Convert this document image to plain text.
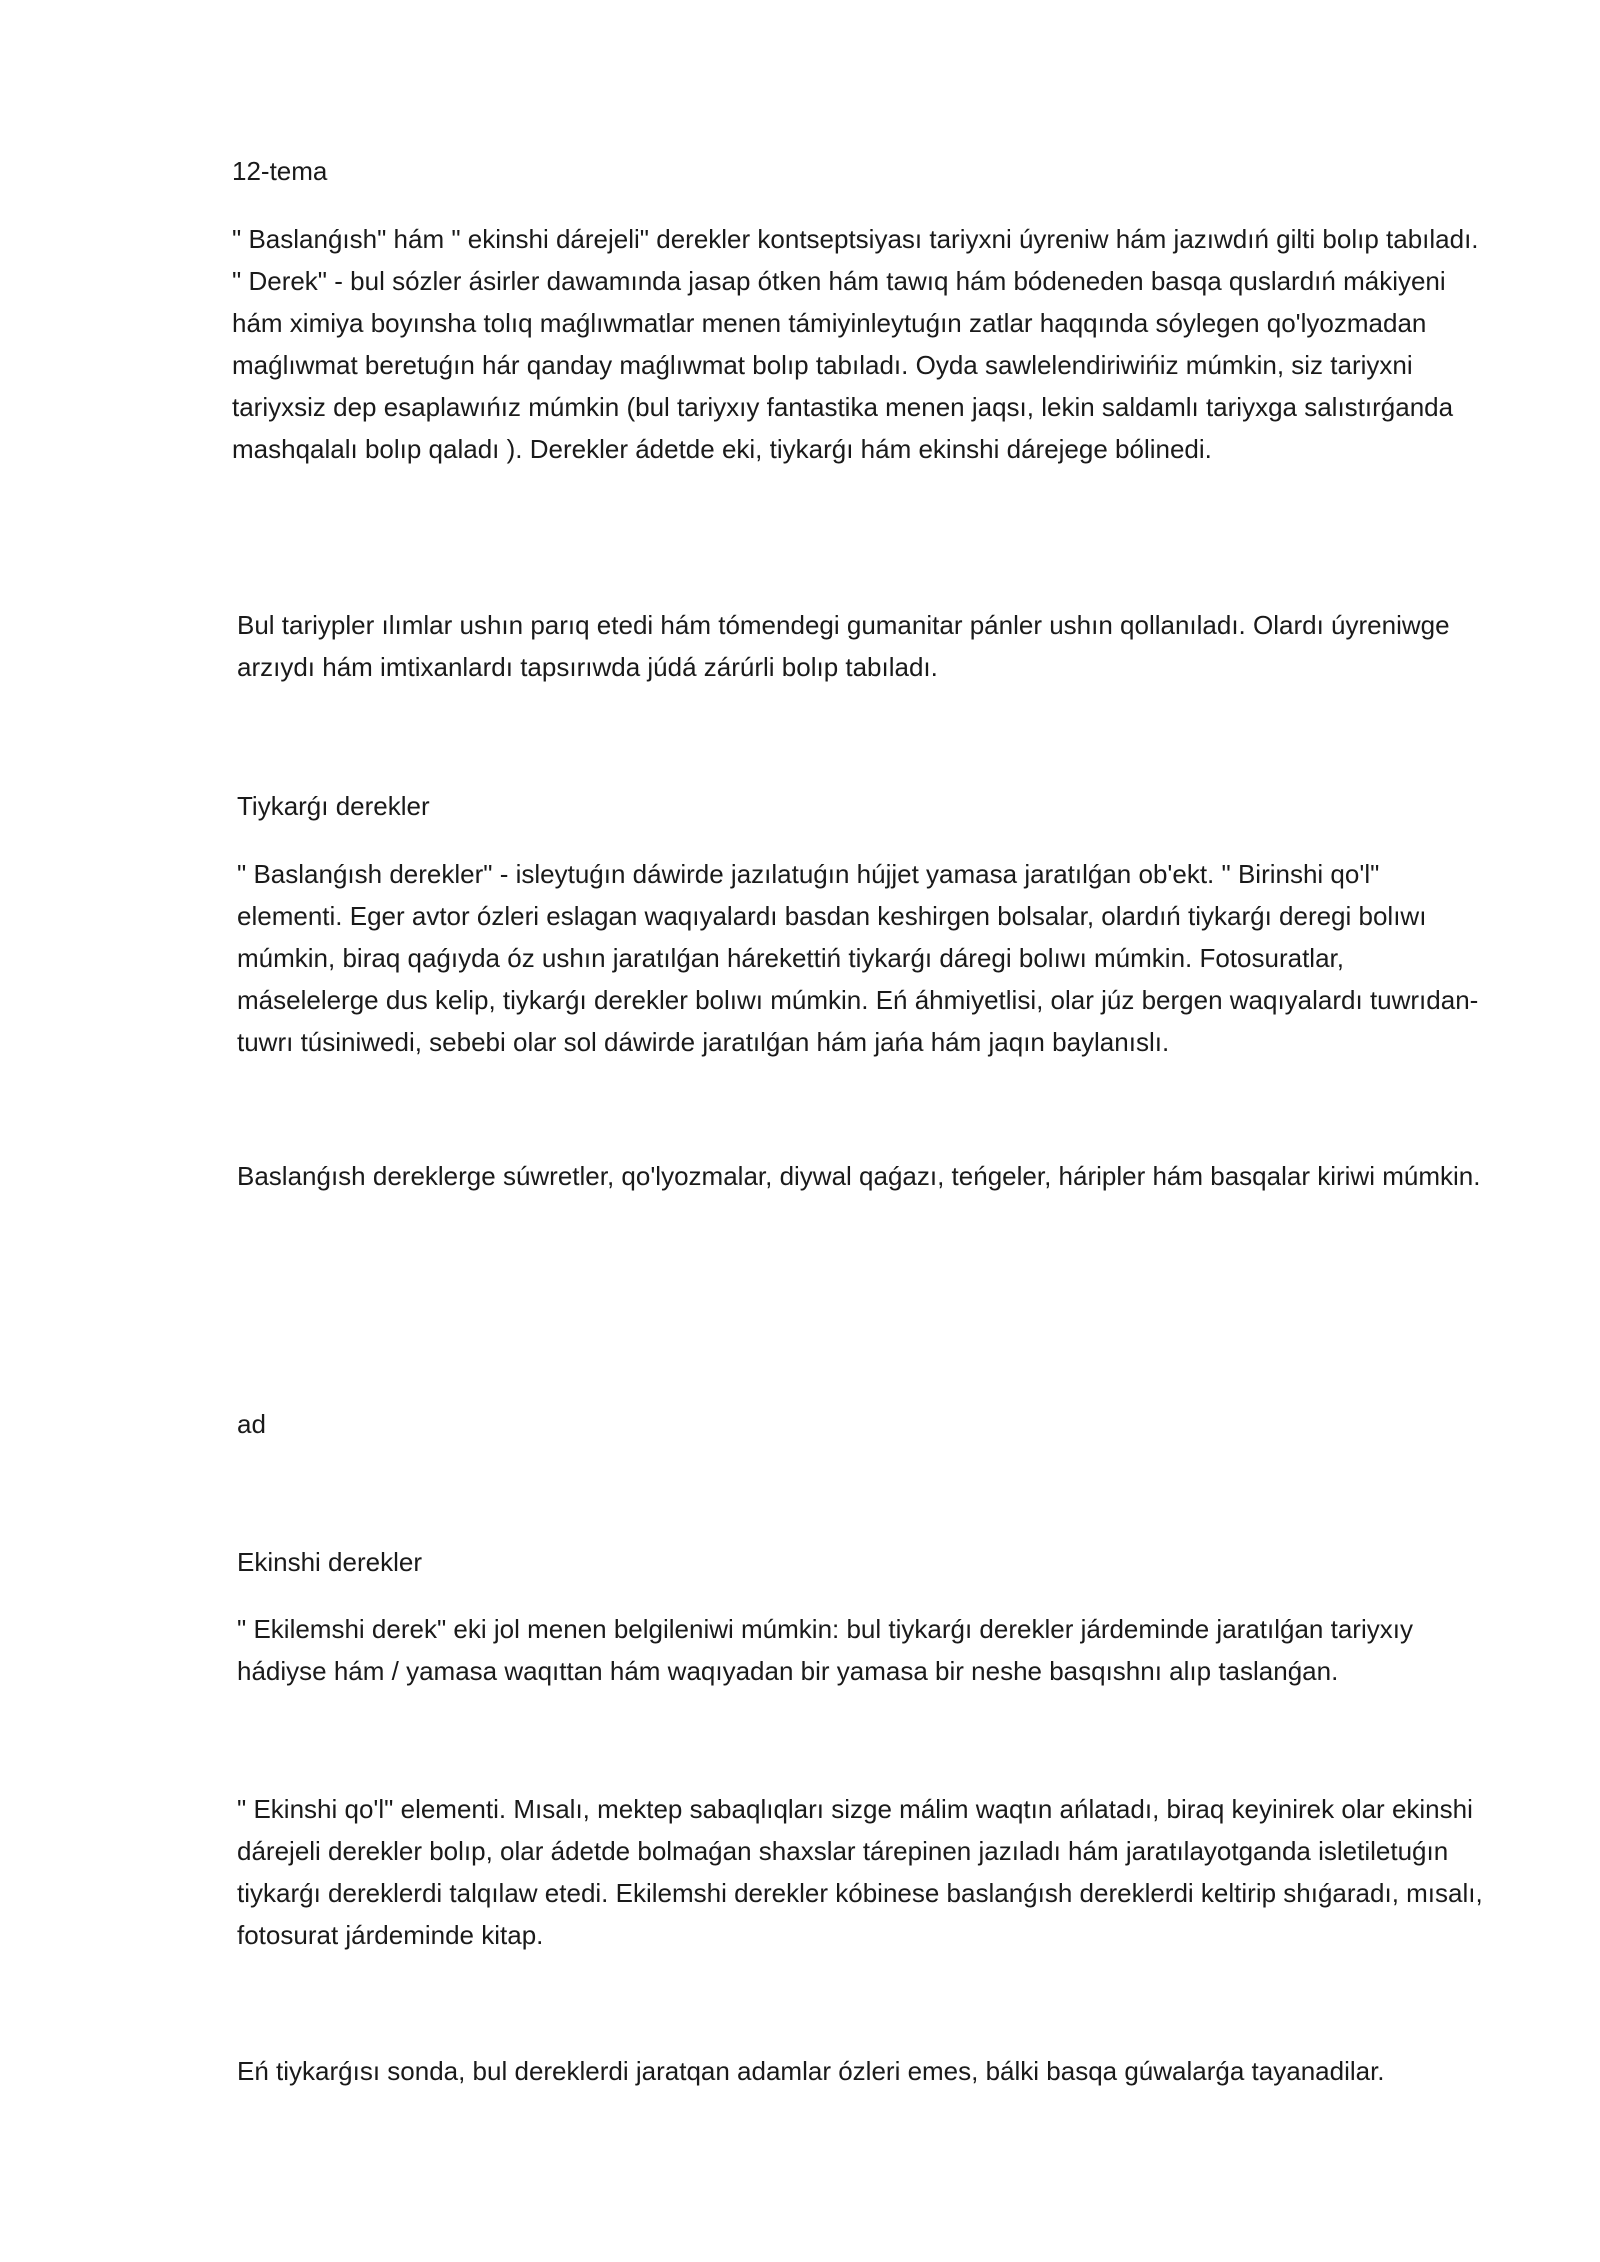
12-tema

" Baslanǵısh" hám " ekinshi dárejeli" derekler kontseptsiyası tariyxni úyreniw hám jazıwdıń gilti bolıp tabıladı. " Derek" - bul sózler ásirler dawamında jasap ótken hám tawıq hám bódeneden basqa quslardıń mákiyeni hám ximiya boyınsha tolıq maǵlıwmatlar menen támiyinleytuǵın zatlar haqqında sóylegen qo'lyozmadan maǵlıwmat beretuǵın hár qanday maǵlıwmat bolıp tabıladı. Oyda sawlelendiriwińiz múmkin, siz tariyxni tariyxsiz dep esaplawıńız múmkin (bul tariyxıy fantastika menen jaqsı, lekin saldamlı tariyxga salıstırǵanda mashqalalı bolıp qaladı ). Derekler ádetde eki, tiykarǵı hám ekinshi dárejege bólinedi.

Bul tariypler ılımlar ushın parıq etedi hám tómendegi gumanitar pánler ushın qollanıladı. Olardı úyreniwge arzıydı hám imtixanlardı tapsırıwda júdá zárúrli bolıp tabıladı.

Tiykarǵı derekler

" Baslanǵısh derekler" - isleytuǵın dáwirde jazılatuǵın hújjet yamasa jaratılǵan ob'ekt. " Birinshi qo'l" elementi. Eger avtor ózleri eslagan waqıyalardı basdan keshirgen bolsalar, olardıń tiykarǵı deregi bolıwı múmkin, biraq qaǵıyda óz ushın jaratılǵan hárekettiń tiykarǵı dáregi bolıwı múmkin. Fotosuratlar, máselelerge dus kelip, tiykarǵı derekler bolıwı múmkin. Eń áhmiyetlisi, olar júz bergen waqıyalardı tuwrıdan-tuwrı túsiniwedi, sebebi olar sol dáwirde jaratılǵan hám jańa hám jaqın baylanıslı.

Baslanǵısh dereklerge súwretler, qo'lyozmalar, diywal qaǵazı, teńgeler, háripler hám basqalar kiriwi múmkin.

ad

Ekinshi derekler

" Ekilemshi derek" eki jol menen belgileniwi múmkin: bul tiykarǵı derekler járdeminde jaratılǵan tariyxıy hádiyse hám / yamasa waqıttan hám waqıyadan bir yamasa bir neshe basqıshnı alıp taslanǵan.

" Ekinshi qo'l" elementi. Mısalı, mektep sabaqlıqları sizge málim waqtın ańlatadı, biraq keyinirek olar ekinshi dárejeli derekler bolıp, olar ádetde bolmaǵan shaxslar tárepinen jazıladı hám jaratılayotganda isletiletuǵın tiykarǵı dereklerdi talqılaw etedi. Ekilemshi derekler kóbinese baslanǵısh dereklerdi keltirip shıǵaradı, mısalı, fotosurat járdeminde kitap.

Eń tiykarǵısı sonda, bul dereklerdi jaratqan adamlar ózleri emes, bálki basqa gúwalarǵa tayanadilar.
